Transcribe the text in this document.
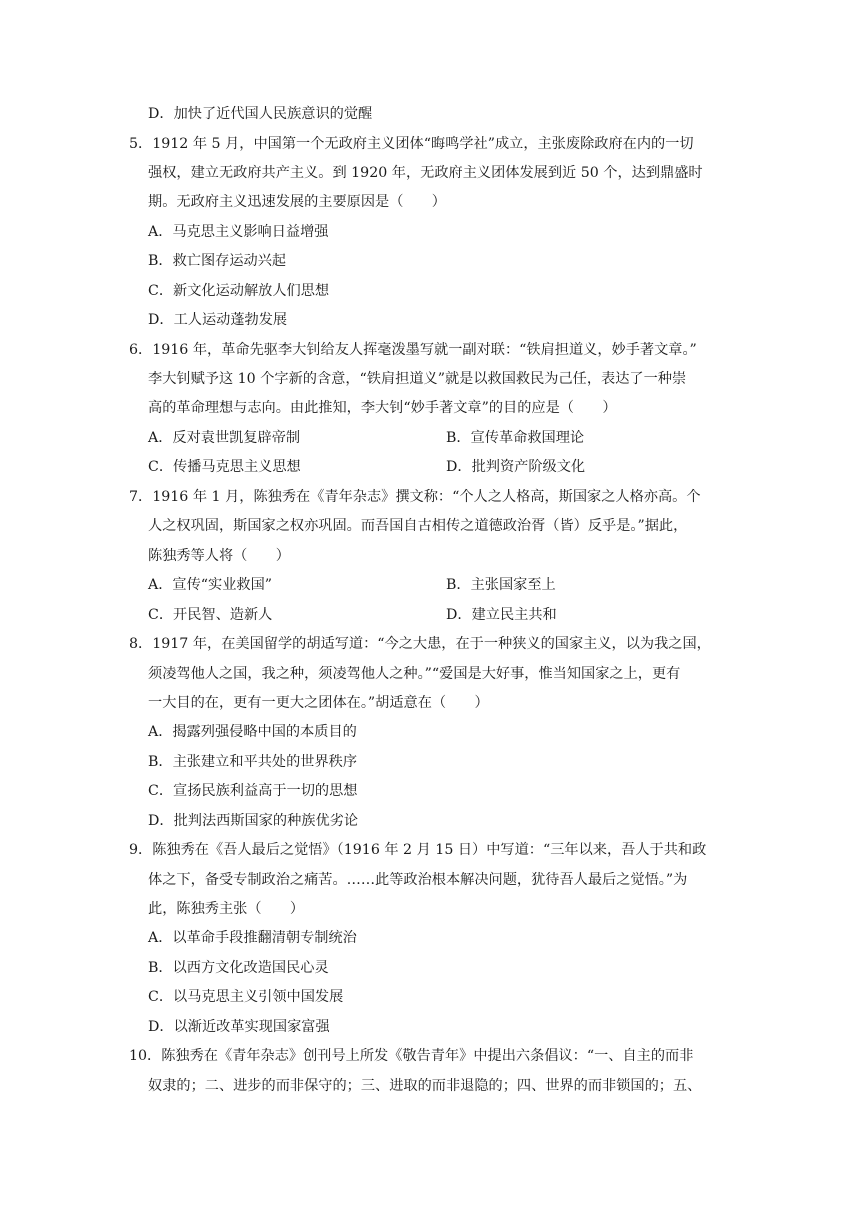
D．加快了近代国人民族意识的觉醒
5．1912 年 5 月，中国第一个无政府主义团体“晦鸣学社”成立，主张废除政府在内的一切
强权，建立无政府共产主义。到 1920 年，无政府主义团体发展到近 50 个，达到鼎盛时
期。无政府主义迅速发展的主要原因是（　　）
A．马克思主义影响日益增强
B．救亡图存运动兴起
C．新文化运动解放人们思想
D．工人运动蓬勃发展
6．1916 年，革命先驱李大钊给友人挥毫泼墨写就一副对联：“铁肩担道义，妙手著文章。”
李大钊赋予这 10 个字新的含意，“铁肩担道义”就是以救国救民为己任，表达了一种崇
高的革命理想与志向。由此推知，李大钊“妙手著文章”的目的应是（　　）
A．反对袁世凯复辟帝制	B．宣传革命救国理论
C．传播马克思主义思想	D．批判资产阶级文化
7．1916 年 1 月，陈独秀在《青年杂志》撰文称：“个人之人格高，斯国家之人格亦高。个
人之权巩固，斯国家之权亦巩固。而吾国自古相传之道德政治胥（皆）反乎是。”据此，
陈独秀等人将（　　）
A．宣传“实业救国”	B．主张国家至上
C．开民智、造新人	D．建立民主共和
8．1917 年，在美国留学的胡适写道：“今之大患，在于一种狭义的国家主义，以为我之国，
须凌驾他人之国，我之种，须凌驾他人之种。”“爱国是大好事，惟当知国家之上，更有
一大目的在，更有一更大之团体在。”胡适意在（　　）
A．揭露列强侵略中国的本质目的
B．主张建立和平共处的世界秩序
C．宣扬民族利益高于一切的思想
D．批判法西斯国家的种族优劣论
9．陈独秀在《吾人最后之觉悟》（1916 年 2 月 15 日）中写道：“三年以来，吾人于共和政
体之下，备受专制政治之痛苦。……此等政治根本解决问题，犹待吾人最后之觉悟。”为
此，陈独秀主张（　　）
A．以革命手段推翻清朝专制统治
B．以西方文化改造国民心灵
C．以马克思主义引领中国发展
D．以渐近改革实现国家富强
10．陈独秀在《青年杂志》创刊号上所发《敬告青年》中提出六条倡议：“一、自主的而非
奴隶的；二、进步的而非保守的；三、进取的而非退隐的；四、世界的而非锁国的；五、
